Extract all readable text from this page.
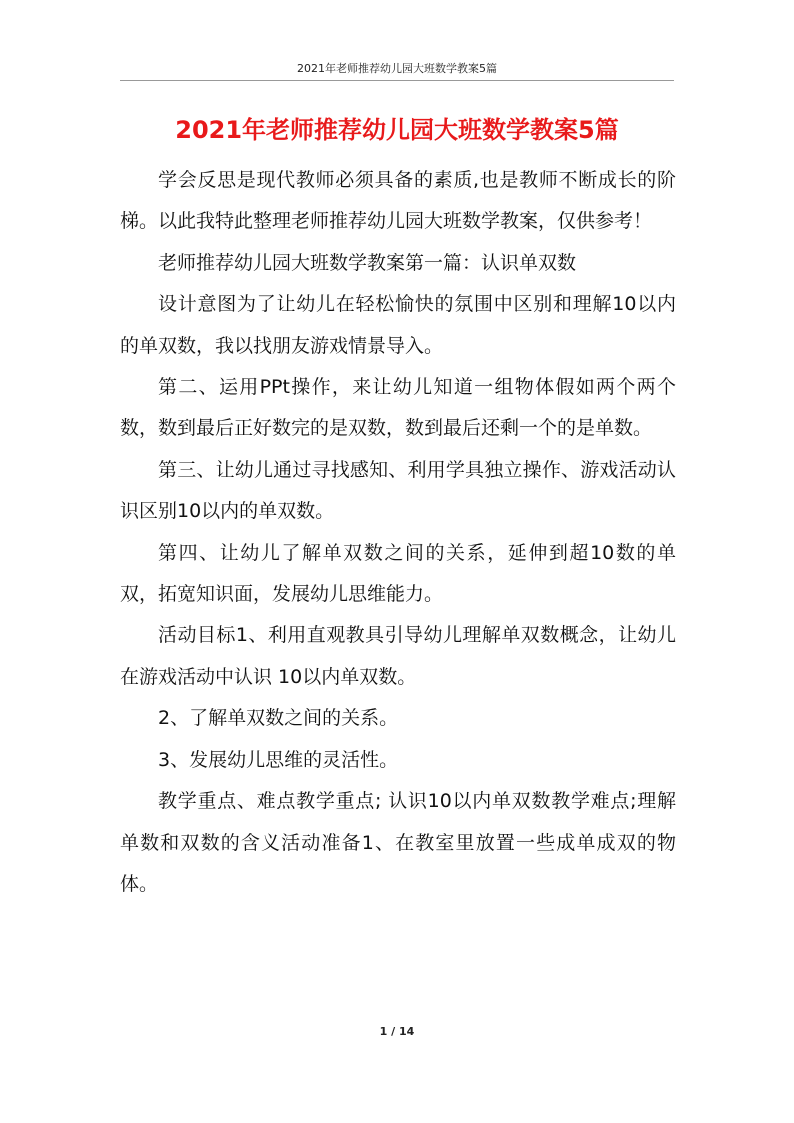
2021年老师推荐幼儿园大班数学教案5篇
2021年老师推荐幼儿园大班数学教案5篇

学会反思是现代教师必须具备的素质,也是教师不断成长的阶梯。以此我特此整理老师推荐幼儿园大班数学教案，仅供参考！

老师推荐幼儿园大班数学教案第一篇：认识单双数

设计意图为了让幼儿在轻松愉快的氛围中区别和理解10以内的单双数，我以找朋友游戏情景导入。

第二、运用PPt操作，来让幼儿知道一组物体假如两个两个数，数到最后正好数完的是双数，数到最后还剩一个的是单数。

第三、让幼儿通过寻找感知、利用学具独立操作、游戏活动认识区别10以内的单双数。

第四、让幼儿了解单双数之间的关系，延伸到超10数的单双，拓宽知识面，发展幼儿思维能力。

活动目标1、利用直观教具引导幼儿理解单双数概念，让幼儿在游戏活动中认识 10以内单双数。

2、了解单双数之间的关系。

3、发展幼儿思维的灵活性。

教学重点、难点教学重点; 认识10以内单双数教学难点;理解单数和双数的含义活动准备1、在教室里放置一些成单成双的物体。

1 / 14
